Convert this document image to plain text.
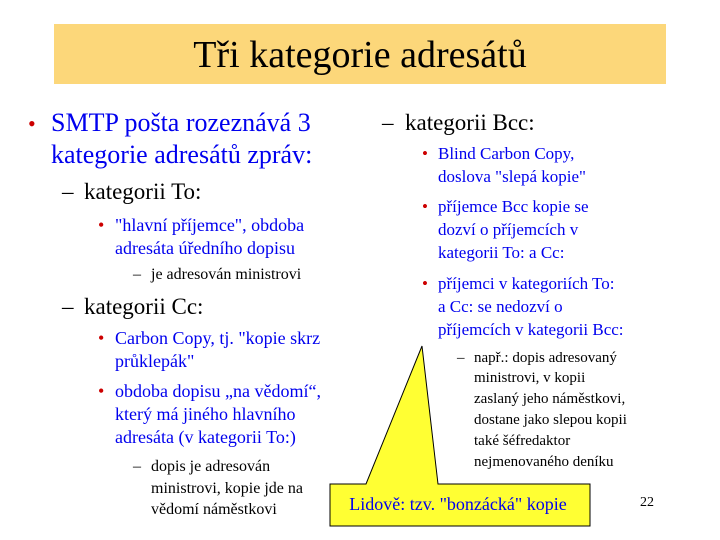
Tři kategorie adresátů
• SMTP pošta rozeznává 3
kategorie adresátů zpráv:
– kategorii To:
• "hlavní příjemce", obdoba
adresáta úředního dopisu
– je adresován ministrovi
– kategorii Cc:
• Carbon Copy, tj. "kopie skrz
průklepák"
• obdoba dopisu „na vědomí“,
který má jiného hlavního
adresáta (v kategorii To:)
– dopis je adresován
ministrovi, kopie jde na
vědomí náměstkovi
– kategorii Bcc:
• Blind Carbon Copy,
doslova "slepá kopie"
• příjemce Bcc kopie se
dozví o příjemcích v
kategorii To: a Cc:
• příjemci v kategoriích To:
a Cc: se nedozví o
příjemcích v kategorii Bcc:
– např.: dopis adresovaný
ministrovi, v kopii
zaslaný jeho náměstkovi,
dostane jako slepou kopii
také šéfredaktor
nejmenovaného deníku
Lidově: tzv. "bonzácká" kopie	22
